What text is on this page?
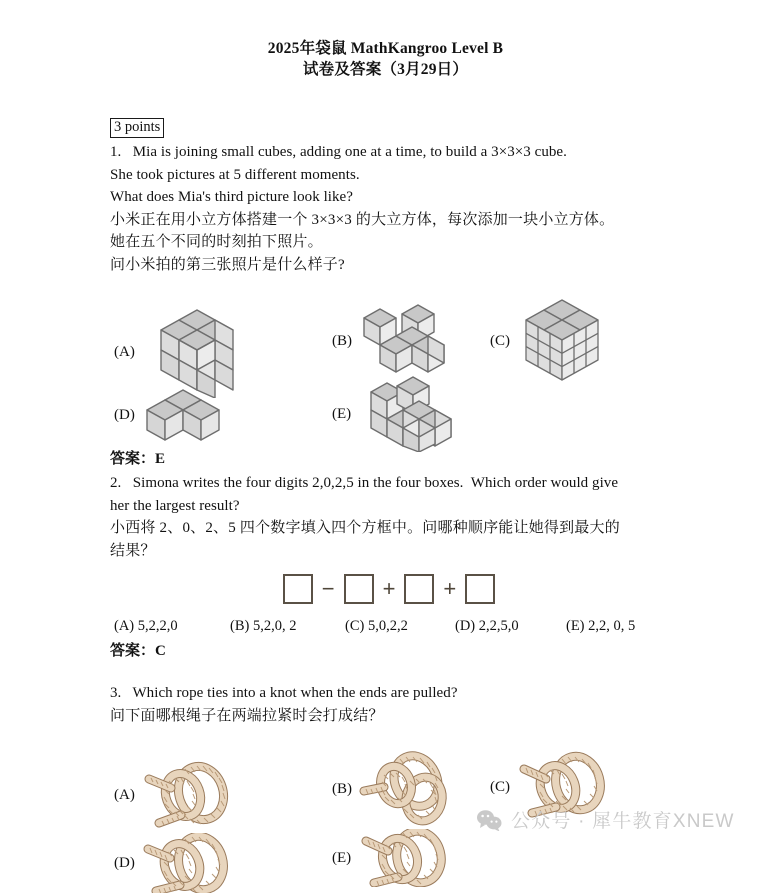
2025年袋鼠 MathKangroo Level B
试卷及答案（3月29日）
3 points

1.   Mia is joining small cubes, adding one at a time, to build a 3×3×3 cube.

She took pictures at 5 different moments.

What does Mia's third picture look like?

小米正在用小立方体搭建一个 3×3×3 的大立方体，每次添加一块小立方体。

她在五个不同的时刻拍下照片。

问小米拍的第三张照片是什么样子?

(A)
(B)	(C)
(D)	(E)

答案：E

2.   Simona writes the four digits 2,0,2,5 in the four boxes.  Which order would give

her the largest result?

小西将 2、0、2、5 四个数字填入四个方框中。问哪种顺序能让她得到最大的

结果？

− + +
(A) 5,2,2,0	(B) 5,2,0, 2	(C) 5,0,2,2	(D) 2,2,5,0	(E) 2,2, 0, 5

答案：C

3.   Which rope ties into a knot when the ends are pulled?

问下面哪根绳子在两端拉紧时会打成结？

(A)	(B)	(C)
(D)	(E)
公众号 · 犀牛教育XNEW
